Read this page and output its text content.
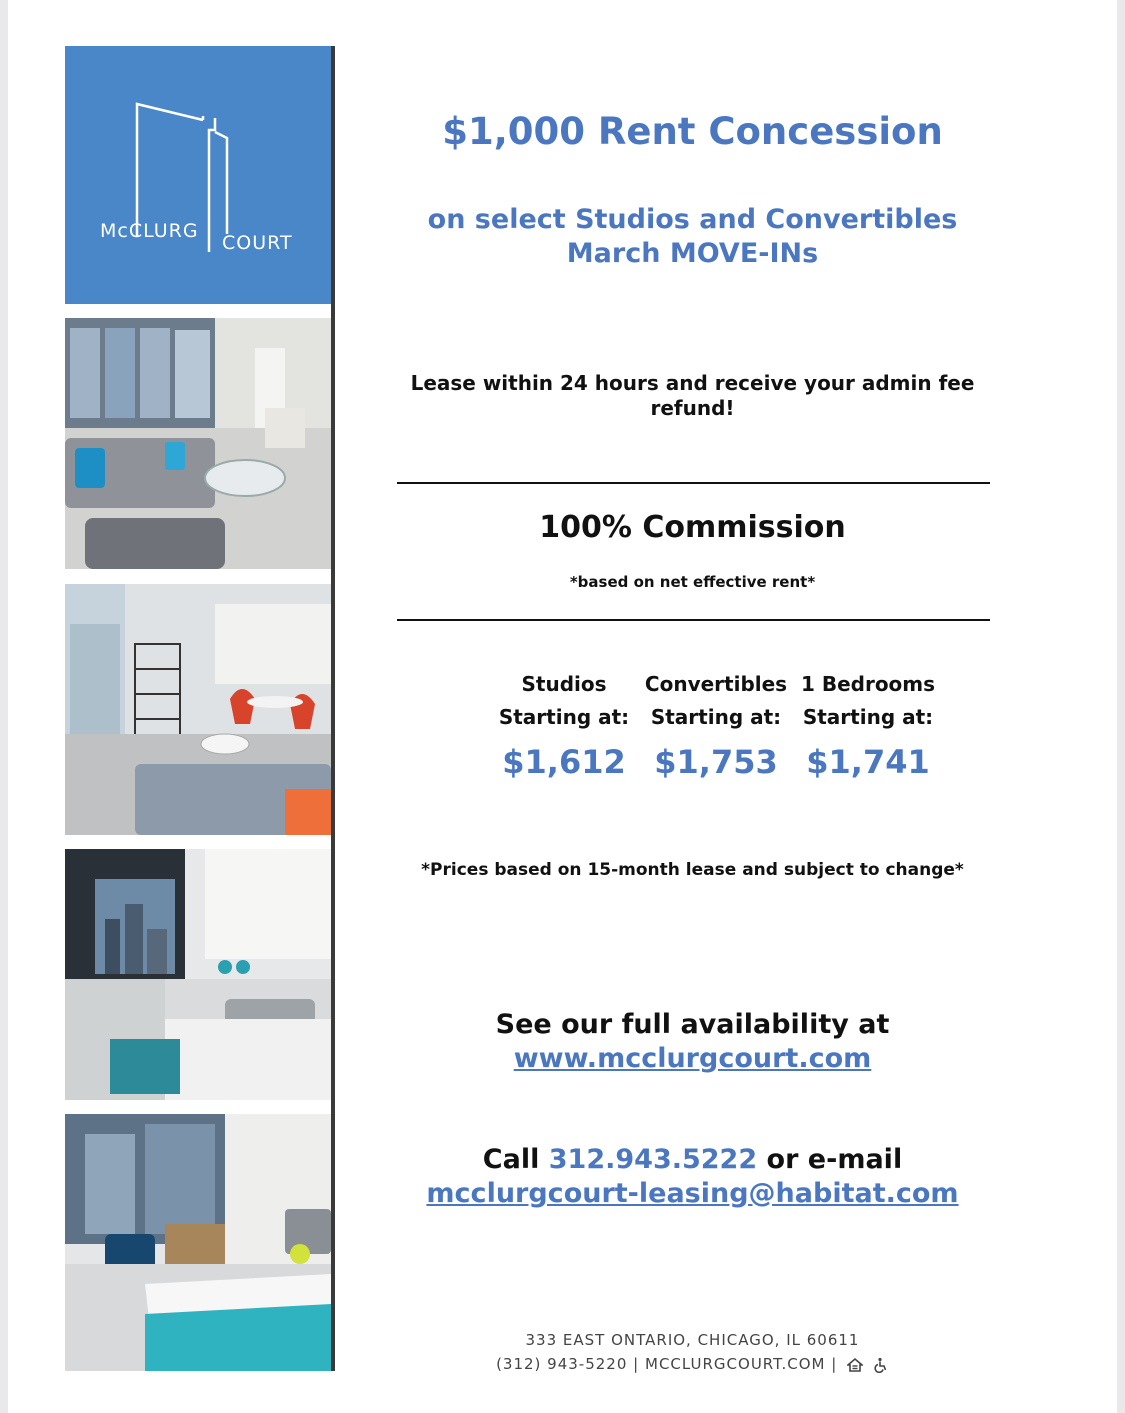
McCLURG
COURT
$1,000 Rent Concession
on select Studios and Convertibles
March MOVE-INs
Lease within 24 hours and receive your admin fee
refund!
100% Commission
*based on net effective rent*
Studios
Starting at:
$1,612
Convertibles
Starting at:
$1,753
1 Bedrooms
Starting at:
$1,741
*Prices based on 15-month lease and subject to change*
See our full availability at
www.mcclurgcourt.com
Call 312.943.5222 or e-mail
mcclurgcourt-leasing@habitat.com
333 EAST ONTARIO, CHICAGO, IL 60611
(312) 943-5220 | MCCLURGCOURT.COM |
